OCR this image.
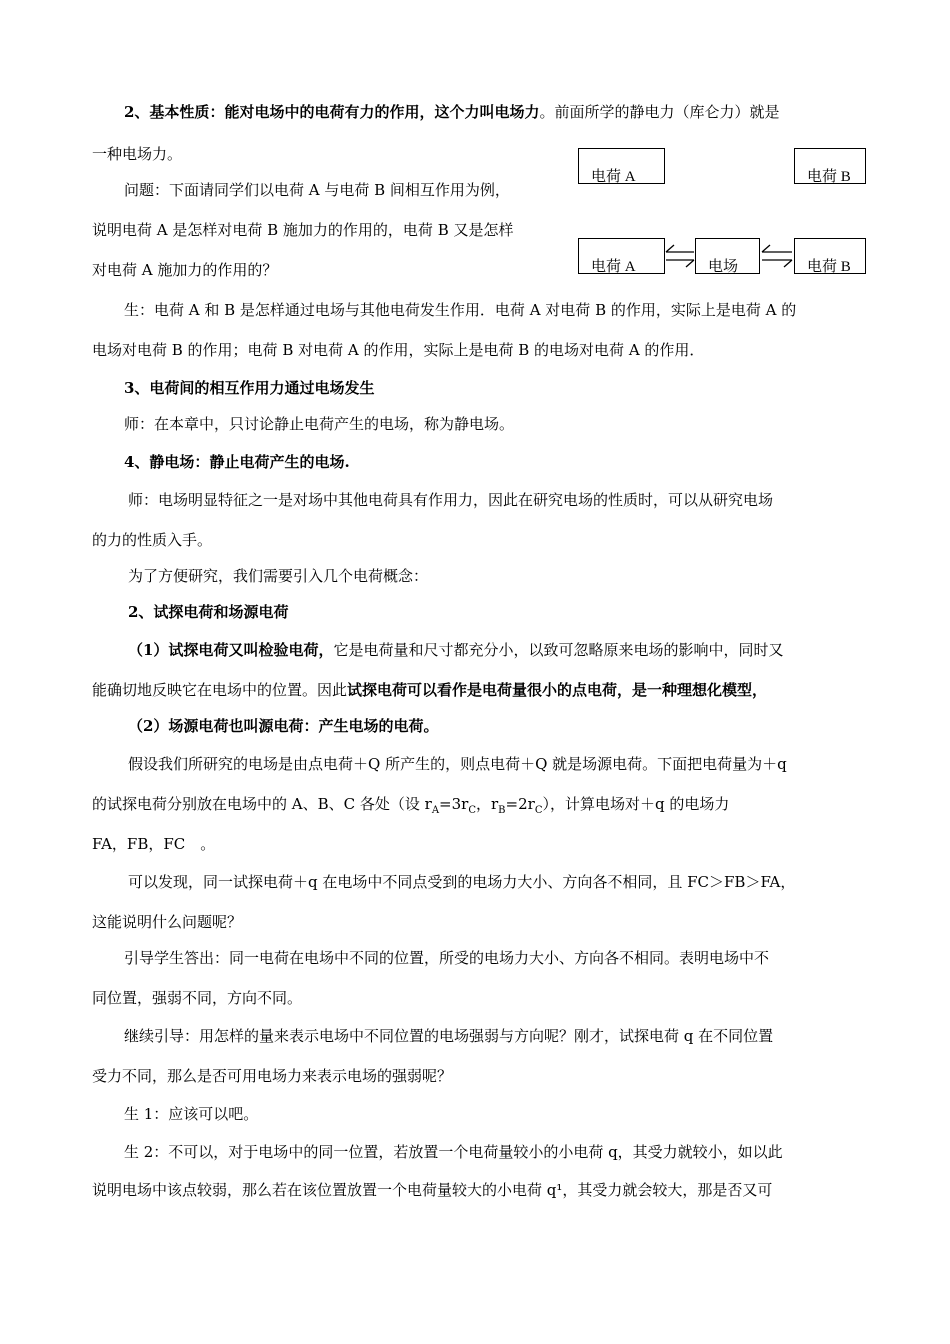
2、基本性质：能对电场中的电荷有力的作用，这个力叫电场力。前面所学的静电力（库仑力）就是
一种电场力。
问题：下面请同学们以电荷 A 与电荷 B 间相互作用为例，
说明电荷 A 是怎样对电荷 B 施加力的作用的，电荷 B 又是怎样
对电荷 A 施加力的作用的？
电荷 A	电荷 B
电荷 A	电场	电荷 B
生：电荷 A 和 B 是怎样通过电场与其他电荷发生作用．电荷 A 对电荷 B 的作用，实际上是电荷 A 的
电场对电荷 B 的作用；电荷 B 对电荷 A 的作用，实际上是电荷 B 的电场对电荷 A 的作用．
3、电荷间的相互作用力通过电场发生
师：在本章中，只讨论静止电荷产生的电场，称为静电场。
4、静电场：静止电荷产生的电场.
师：电场明显特征之一是对场中其他电荷具有作用力，因此在研究电场的性质时，可以从研究电场
的力的性质入手。
为了方便研究，我们需要引入几个电荷概念：
2、试探电荷和场源电荷
（1）试探电荷又叫检验电荷，它是电荷量和尺寸都充分小，以致可忽略原来电场的影响中，同时又
能确切地反映它在电场中的位置。因此试探电荷可以看作是电荷量很小的点电荷，是一种理想化模型，
（2）场源电荷也叫源电荷：产生电场的电荷。
假设我们所研究的电场是由点电荷＋Q 所产生的，则点电荷＋Q 就是场源电荷。下面把电荷量为＋q
的试探电荷分别放在电场中的 A、B、C 各处（设 $r_A=3r_C$，$r_B=2r_C$），计算电场对＋q 的电场力
FA，FB，FC　。
可以发现，同一试探电荷＋q 在电场中不同点受到的电场力大小、方向各不相同，且 FC＞FB＞FA，
这能说明什么问题呢？
引导学生答出：同一电荷在电场中不同的位置，所受的电场力大小、方向各不相同。表明电场中不
同位置，强弱不同，方向不同。
继续引导：用怎样的量来表示电场中不同位置的电场强弱与方向呢？刚才，试探电荷 q 在不同位置
受力不同，那么是否可用电场力来表示电场的强弱呢？
生 1：应该可以吧。
生 2：不可以，对于电场中的同一位置，若放置一个电荷量较小的小电荷 q，其受力就较小，如以此
说明电场中该点较弱，那么若在该位置放置一个电荷量较大的小电荷 q¹，其受力就会较大，那是否又可
